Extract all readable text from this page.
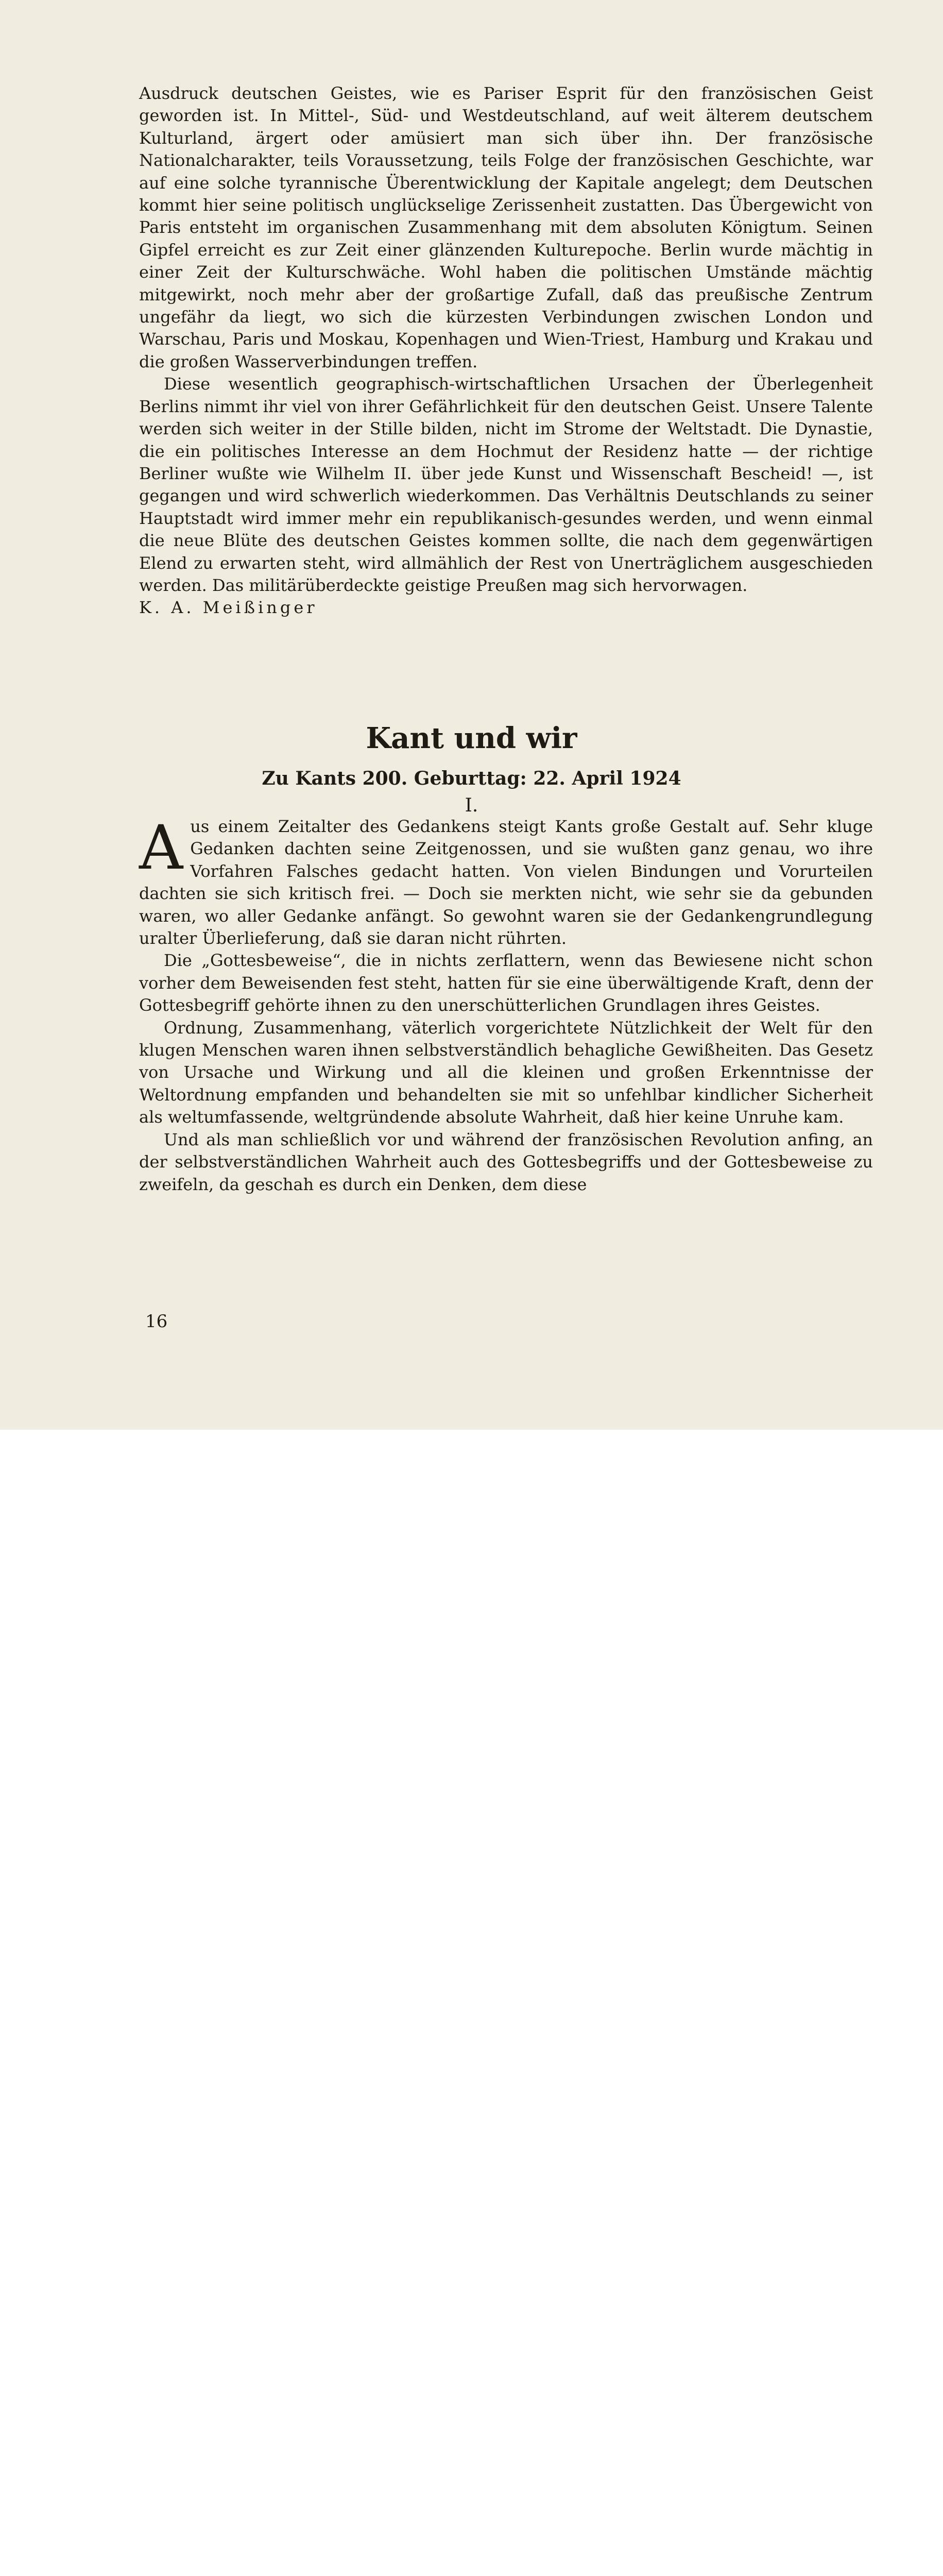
Ausdruck deutschen Geistes, wie es Pariser Esprit für den französischen Geist geworden ist. In Mittel-, Süd- und Westdeutschland, auf weit älterem deutschem Kulturland, ärgert oder amüsiert man sich über ihn. Der französische Nationalcharakter, teils Voraussetzung, teils Folge der französischen Geschichte, war auf eine solche tyrannische Überentwicklung der Kapitale angelegt; dem Deutschen kommt hier seine politisch unglückselige Zerissenheit zustatten. Das Übergewicht von Paris entsteht im organischen Zusammenhang mit dem absoluten Königtum. Seinen Gipfel erreicht es zur Zeit einer glänzenden Kulturepoche. Berlin wurde mächtig in einer Zeit der Kulturschwäche. Wohl haben die politischen Umstände mächtig mitgewirkt, noch mehr aber der großartige Zufall, daß das preußische Zentrum ungefähr da liegt, wo sich die kürzesten Verbindungen zwischen London und Warschau, Paris und Moskau, Kopenhagen und Wien-Triest, Hamburg und Krakau und die großen Wasserverbindungen treffen.

Diese wesentlich geographisch-wirtschaftlichen Ursachen der Überlegenheit Berlins nimmt ihr viel von ihrer Gefährlichkeit für den deutschen Geist. Unsere Talente werden sich weiter in der Stille bilden, nicht im Strome der Weltstadt. Die Dynastie, die ein politisches Interesse an dem Hochmut der Residenz hatte — der richtige Berliner wußte wie Wilhelm II. über jede Kunst und Wissenschaft Bescheid! —, ist gegangen und wird schwerlich wiederkommen. Das Verhältnis Deutschlands zu seiner Hauptstadt wird immer mehr ein republikanisch-gesundes werden, und wenn einmal die neue Blüte des deutschen Geistes kommen sollte, die nach dem gegenwärtigen Elend zu erwarten steht, wird allmählich der Rest von Unerträglichem ausgeschieden werden. Das militärüberdeckte geistige Preußen mag sich hervorwagen.

K. A. Meißinger

Kant und wir
Zu Kants 200. Geburttag: 22. April 1924
I.

Aus einem Zeitalter des Gedankens steigt Kants große Gestalt auf. Sehr kluge Gedanken dachten seine Zeitgenossen, und sie wußten ganz genau, wo ihre Vorfahren Falsches gedacht hatten. Von vielen Bindungen und Vorurteilen dachten sie sich kritisch frei. — Doch sie merkten nicht, wie sehr sie da gebunden waren, wo aller Gedanke anfängt. So gewohnt waren sie der Gedankengrundlegung uralter Überlieferung, daß sie daran nicht rührten.

Die „Gottesbeweise“, die in nichts zerflattern, wenn das Bewiesene nicht schon vorher dem Beweisenden fest steht, hatten für sie eine überwältigende Kraft, denn der Gottesbegriff gehörte ihnen zu den unerschütterlichen Grundlagen ihres Geistes.

Ordnung, Zusammenhang, väterlich vorgerichtete Nützlichkeit der Welt für den klugen Menschen waren ihnen selbstverständlich behagliche Gewißheiten. Das Gesetz von Ursache und Wirkung und all die kleinen und großen Erkenntnisse der Weltordnung empfanden und behandelten sie mit so unfehlbar kindlicher Sicherheit als weltumfassende, weltgründende absolute Wahrheit, daß hier keine Unruhe kam.

Und als man schließlich vor und während der französischen Revolution anfing, an der selbstverständlichen Wahrheit auch des Gottesbegriffs und der Gottesbeweise zu zweifeln, da geschah es durch ein Denken, dem diese

16
